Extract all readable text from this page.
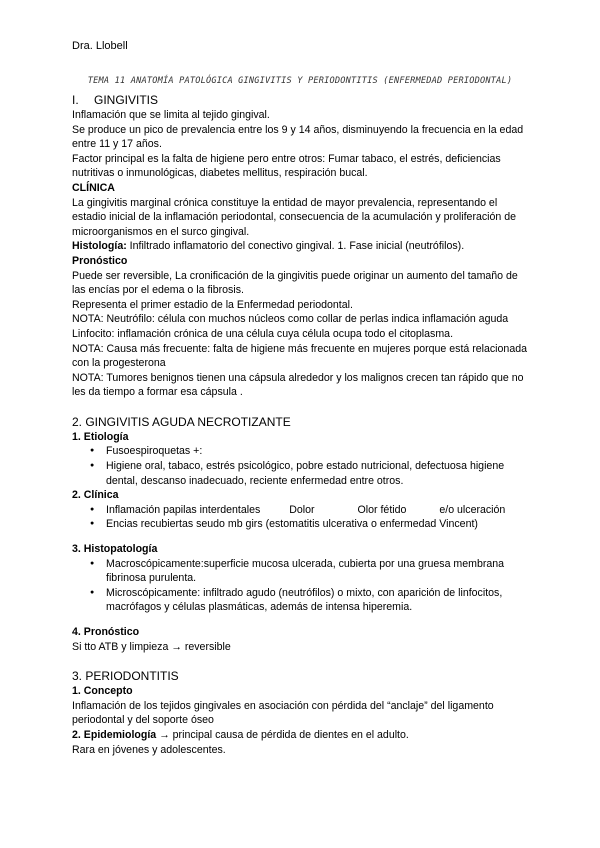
Dra. Llobell
TEMA 11 ANATOMÍA PATOLÓGICA GINGIVITIS Y PERIODONTITIS (ENFERMEDAD PERIODONTAL)

I. GINGIVITIS

Inflamación que se limita al tejido gingival.

Se produce un pico de prevalencia entre los 9 y 14 años, disminuyendo la frecuencia en la edad entre 11 y 17 años.

Factor principal es la falta de higiene pero entre otros: Fumar tabaco, el estrés, deficiencias nutritivas o inmunológicas, diabetes mellitus, respiración bucal.

CLÍNICA

La gingivitis marginal crónica constituye la entidad de mayor prevalencia, representando el estadio inicial de la inflamación periodontal, consecuencia de la acumulación y proliferación de microorganismos en el surco gingival.

Histología: Infiltrado inflamatorio del conectivo gingival. 1. Fase inicial (neutrófilos).

Pronóstico

Puede ser reversible, La cronificación de la gingivitis puede originar un aumento del tamaño de las encías por el edema o la fibrosis.

Representa el primer estadio de la Enfermedad periodontal.

NOTA: Neutrófilo: célula con muchos núcleos como collar de perlas indica inflamación aguda Linfocito: inflamación crónica de una célula cuya célula ocupa todo el citoplasma.

NOTA: Causa más frecuente: falta de higiene más frecuente en mujeres porque está relacionada con la progesterona

NOTA: Tumores benignos tienen una cápsula alrededor y los malignos crecen tan rápido que no les da tiempo a formar esa cápsula .

2. GINGIVITIS AGUDA NECROTIZANTE

1. Etiología

● Fusoespiroquetas +:
● Higiene oral, tabaco, estrés psicológico, pobre estado nutricional, defectuosa higiene dental, descanso inadecuado, reciente enfermedad entre otros.

2. Clínica

● Inflamación papilas interdentales	Dolor	Olor fétido	e/o ulceración
● Encias recubiertas seudo mb girs (estomatitis ulcerativa o enfermedad Vincent)

3. Histopatología

● Macroscópicamente:superficie mucosa ulcerada, cubierta por una gruesa membrana fibrinosa purulenta.
● Microscópicamente: infiltrado agudo (neutrófilos) o mixto, con aparición de linfocitos, macrófagos y células plasmáticas, además de intensa hiperemia.

4. Pronóstico

Si tto ATB y limpieza → reversible

3. PERIODONTITIS

1. Concepto

Inflamación de los tejidos gingivales en asociación con pérdida del “anclaje” del ligamento periodontal y del soporte óseo

2. Epidemiología → principal causa de pérdida de dientes en el adulto.

Rara en jóvenes y adolescentes.
